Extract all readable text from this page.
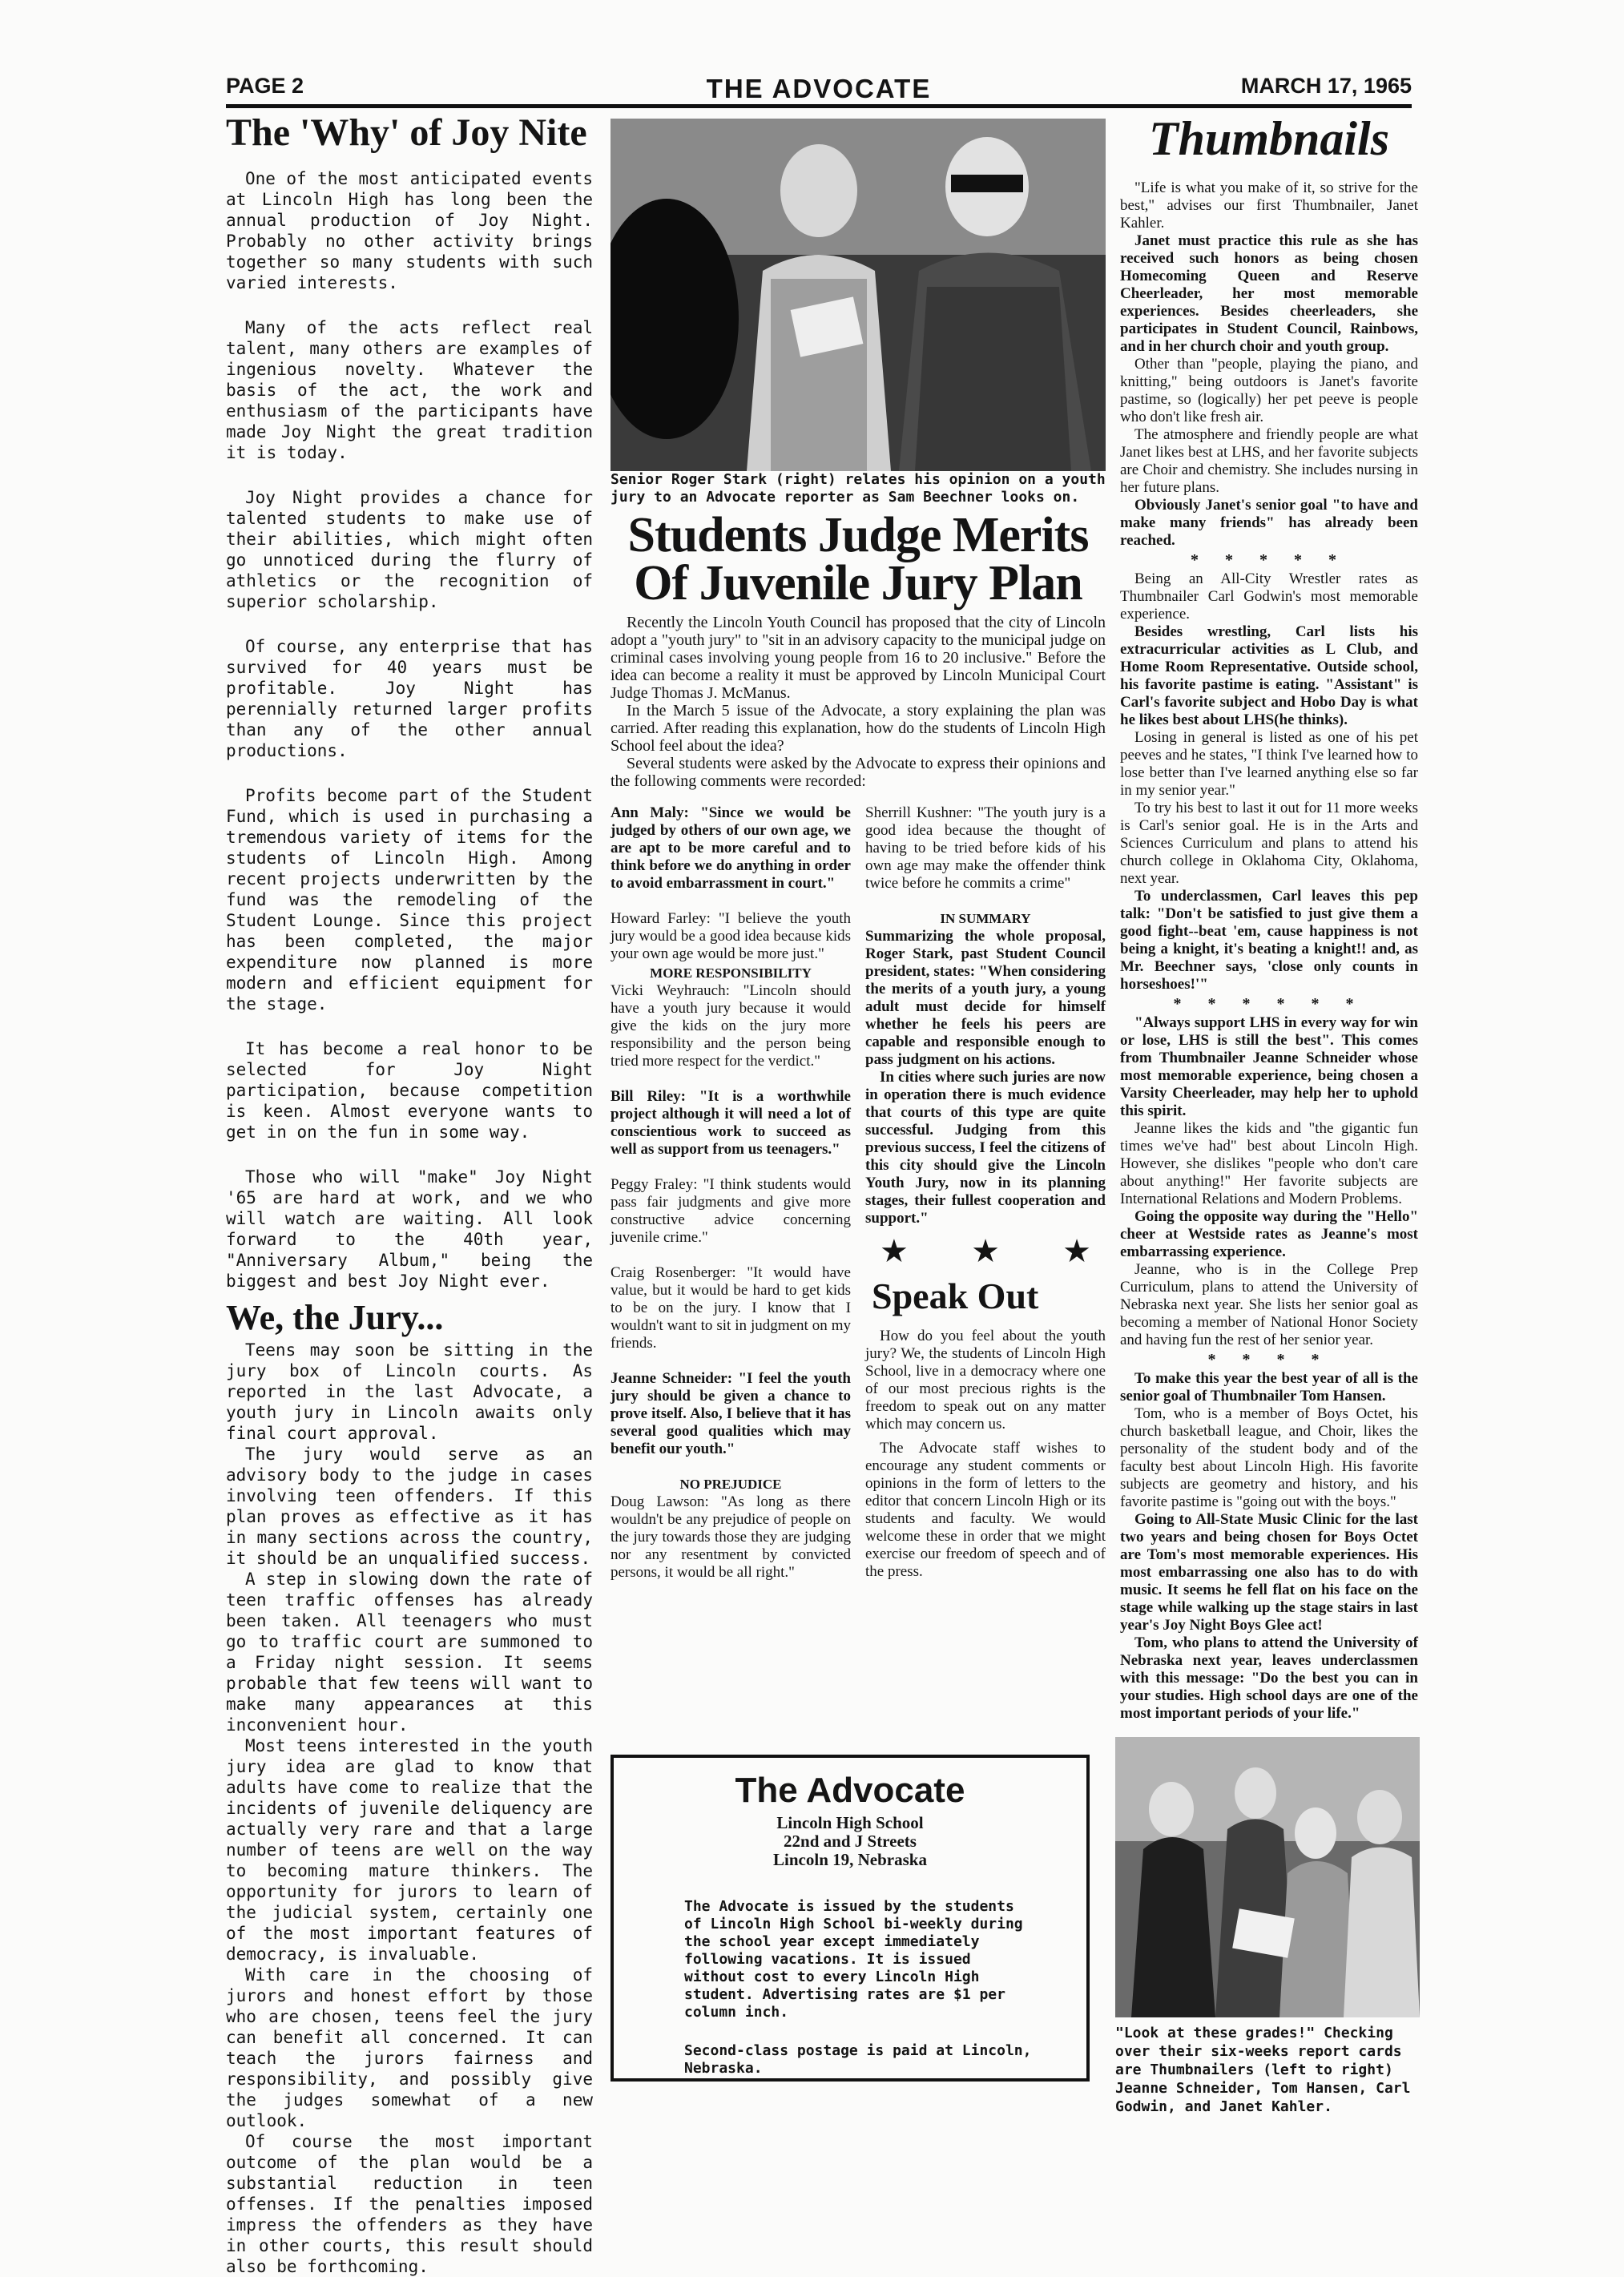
THE ADVOCATE
PAGE 2	MARCH 17, 1965
The 'Why' of Joy Nite

One of the most anticipated events at Lincoln High has long been the annual production of Joy Night. Probably no other activity brings together so many students with such varied interests.

Many of the acts reflect real talent, many others are examples of ingenious novelty. Whatever the basis of the act, the work and enthusiasm of the participants have made Joy Night the great tradition it is today.

Joy Night provides a chance for talented students to make use of their abilities, which might often go unnoticed during the flurry of athletics or the recognition of superior scholarship.

Of course, any enterprise that has survived for 40 years must be profitable. Joy Night has perennially returned larger profits than any of the other annual productions.

Profits become part of the Student Fund, which is used in purchasing a tremendous variety of items for the students of Lincoln High. Among recent projects underwritten by the fund was the remodeling of the Student Lounge. Since this project has been completed, the major expenditure now planned is more modern and efficient equipment for the stage.

It has become a real honor to be selected for Joy Night participation, because competition is keen. Almost everyone wants to get in on the fun in some way.

Those who will "make" Joy Night '65 are hard at work, and we who will watch are waiting. All look forward to the 40th year, "Anniversary Album," being the biggest and best Joy Night ever.

We, the Jury...

Teens may soon be sitting in the jury box of Lincoln courts. As reported in the last Advocate, a youth jury in Lincoln awaits only final court approval.

The jury would serve as an advisory body to the judge in cases involving teen offenders. If this plan proves as effective as it has in many sections across the country, it should be an unqualified success.

A step in slowing down the rate of teen traffic offenses has already been taken. All teenagers who must go to traffic court are summoned to a Friday night session. It seems probable that few teens will want to make many appearances at this inconvenient hour.

Most teens interested in the youth jury idea are glad to know that adults have come to realize that the incidents of juvenile deliquency are actually very rare and that a large number of teens are well on the way to becoming mature thinkers. The opportunity for jurors to learn of the judicial system, certainly one of the most important features of democracy, is invaluable.

With care in the choosing of jurors and honest effort by those who are chosen, teens feel the jury can benefit all concerned. It can teach the jurors fairness and responsibility, and possibly give the judges somewhat of a new outlook.

Of course the most important outcome of the plan would be a substantial reduction in teen offenses. If the penalties imposed impress the offenders as they have in other courts, this result should also be forthcoming.

Senior Roger Stark (right) relates his opinion on a youth jury to an Advocate reporter as Sam Beechner looks on.
Students Judge Merits Of Juvenile Jury Plan

Recently the Lincoln Youth Council has proposed that the city of Lincoln adopt a "youth jury" to "sit in an advisory capacity to the municipal judge on criminal cases involving young people from 16 to 20 inclusive." Before the idea can become a reality it must be approved by Lincoln Municipal Court Judge Thomas J. McManus.

In the March 5 issue of the Advocate, a story explaining the plan was carried. After reading this explanation, how do the students of Lincoln High School feel about the idea?

Several students were asked by the Advocate to express their opinions and the following comments were recorded:

Ann Maly: "Since we would be judged by others of our own age, we are apt to be more careful and to think before we do anything in order to avoid embarrassment in court."

Howard Farley: "I believe the youth jury would be a good idea because kids your own age would be more just."

MORE RESPONSIBILITY

Vicki Weyhrauch: "Lincoln should have a youth jury because it would give the kids on the jury more responsibility and the person being tried more respect for the verdict."

Bill Riley: "It is a worthwhile project although it will need a lot of conscientious work to succeed as well as support from us teenagers."

Peggy Fraley: "I think students would pass fair judgments and give more constructive advice concerning juvenile crime."

Craig Rosenberger: "It would have value, but it would be hard to get kids to be on the jury. I know that I wouldn't want to sit in judgment on my friends.

Jeanne Schneider: "I feel the youth jury should be given a chance to prove itself. Also, I believe that it has several good qualities which may benefit our youth."

NO PREJUDICE

Doug Lawson: "As long as there wouldn't be any prejudice of people on the jury towards those they are judging nor any resentment by convicted persons, it would be all right."

Sherrill Kushner: "The youth jury is a good idea because the thought of having to be tried before kids of his own age may make the offender think twice before he commits a crime"

IN SUMMARY

Summarizing the whole proposal, Roger Stark, past Student Council president, states: "When considering the merits of a youth jury, a young adult must decide for himself whether he feels his peers are capable and responsible enough to pass judgment on his actions.

In cities where such juries are now in operation there is much evidence that courts of this type are quite successful. Judging from this previous success, I feel the citizens of this city should give the Lincoln Youth Jury, now in its planning stages, their fullest cooperation and support."

★ ★ ★
Speak Out

How do you feel about the youth jury? We, the students of Lincoln High School, live in a democracy where one of our most precious rights is the freedom to speak out on any matter which may concern us.

The Advocate staff wishes to encourage any student comments or opinions in the form of letters to the editor that concern Lincoln High or its students and faculty. We would welcome these in order that we might exercise our freedom of speech and of the press.

The Advocate
Lincoln High School
22nd and J Streets
Lincoln 19, Nebraska

The Advocate is issued by the students of Lincoln High School bi-weekly during the school year except immediately following vacations. It is issued without cost to every Lincoln High student. Advertising rates are $1 per column inch.

Second-class postage is paid at Lincoln, Nebraska.

Thumbnails

"Life is what you make of it, so strive for the best," advises our first Thumbnailer, Janet Kahler.

Janet must practice this rule as she has received such honors as being chosen Homecoming Queen and Reserve Cheerleader, her most memorable experiences. Besides cheerleaders, she participates in Student Council, Rainbows, and in her church choir and youth group.

Other than "people, playing the piano, and knitting," being outdoors is Janet's favorite pastime, so (logically) her pet peeve is people who don't like fresh air.

The atmosphere and friendly people are what Janet likes best at LHS, and her favorite subjects are Choir and chemistry. She includes nursing in her future plans.

Obviously Janet's senior goal "to have and make many friends" has already been reached.

* * * * *

Being an All-City Wrestler rates as Thumbnailer Carl Godwin's most memorable experience.

Besides wrestling, Carl lists his extracurricular activities as L Club, and Home Room Representative. Outside school, his favorite pastime is eating. "Assistant" is Carl's favorite subject and Hobo Day is what he likes best about LHS(he thinks).

Losing in general is listed as one of his pet peeves and he states, "I think I've learned how to lose better than I've learned anything else so far in my senior year."

To try his best to last it out for 11 more weeks is Carl's senior goal. He is in the Arts and Sciences Curriculum and plans to attend his church college in Oklahoma City, Oklahoma, next year.

To underclassmen, Carl leaves this pep talk: "Don't be satisfied to just give them a good fight--beat 'em, cause happiness is not being a knight, it's beating a knight!! and, as Mr. Beechner says, 'close only counts in horseshoes!'"

* * * * * *

"Always support LHS in every way for win or lose, LHS is still the best". This comes from Thumbnailer Jeanne Schneider whose most memorable experience, being chosen a Varsity Cheerleader, may help her to uphold this spirit.

Jeanne likes the kids and "the gigantic fun times we've had" best about Lincoln High. However, she dislikes "people who don't care about anything!" Her favorite subjects are International Relations and Modern Problems.

Going the opposite way during the "Hello" cheer at Westside rates as Jeanne's most embarrassing experience.

Jeanne, who is in the College Prep Curriculum, plans to attend the University of Nebraska next year. She lists her senior goal as becoming a member of National Honor Society and having fun the rest of her senior year.

* * * *

To make this year the best year of all is the senior goal of Thumbnailer Tom Hansen.

Tom, who is a member of Boys Octet, his church basketball league, and Choir, likes the personality of the student body and of the faculty best about Lincoln High. His favorite subjects are geometry and history, and his favorite pastime is "going out with the boys."

Going to All-State Music Clinic for the last two years and being chosen for Boys Octet are Tom's most memorable experiences. His most embarrassing one also has to do with music. It seems he fell flat on his face on the stage while walking up the stage stairs in last year's Joy Night Boys Glee act!

Tom, who plans to attend the University of Nebraska next year, leaves underclassmen with this message: "Do the best you can in your studies. High school days are one of the most important periods of your life."

"Look at these grades!" Checking over their six-weeks report cards are Thumbnailers (left to right) Jeanne Schneider, Tom Hansen, Carl Godwin, and Janet Kahler.
